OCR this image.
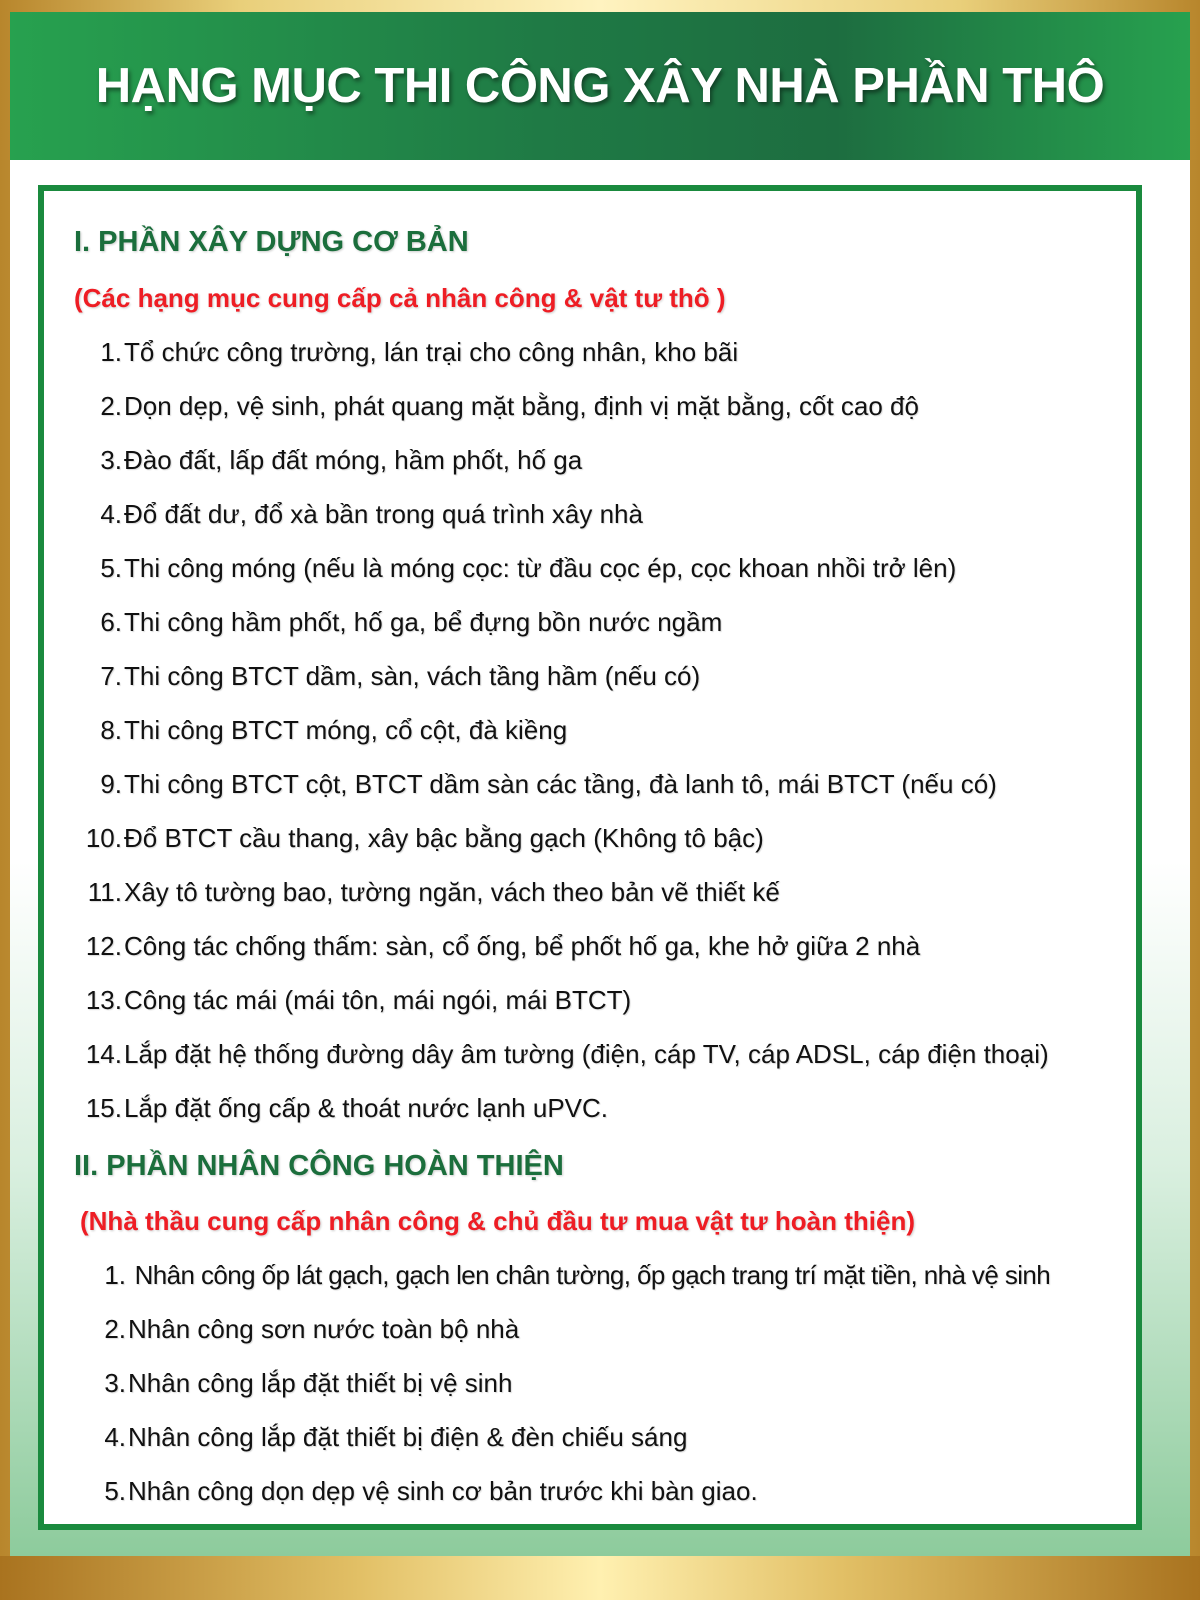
HẠNG MỤC THI CÔNG XÂY NHÀ PHẦN THÔ
I. PHẦN XÂY DỰNG CƠ BẢN
(Các hạng mục cung cấp cả nhân công & vật tư thô )
1. Tổ chức công trường, lán trại cho công nhân, kho bãi
2. Dọn dẹp, vệ sinh, phát quang mặt bằng, định vị mặt bằng, cốt cao độ
3. Đào đất, lấp đất móng, hầm phốt, hố ga
4. Đổ đất dư, đổ xà bần trong quá trình xây nhà
5. Thi công móng (nếu là móng cọc: từ đầu cọc ép, cọc khoan nhồi trở lên)
6. Thi công hầm phốt, hố ga, bể đựng bồn nước ngầm
7. Thi công BTCT dầm, sàn, vách tầng hầm (nếu có)
8. Thi công BTCT móng, cổ cột, đà kiềng
9. Thi công BTCT cột, BTCT dầm sàn các tầng, đà lanh tô, mái BTCT (nếu có)
10. Đổ BTCT cầu thang, xây bậc bằng gạch (Không tô bậc)
11. Xây tô tường bao, tường ngăn, vách theo bản vẽ thiết kế
12. Công tác chống thấm: sàn, cổ ống, bể phốt hố ga, khe hở giữa 2 nhà
13. Công tác mái (mái tôn, mái ngói, mái BTCT)
14. Lắp đặt hệ thống đường dây âm tường (điện, cáp TV, cáp ADSL, cáp điện thoại)
15. Lắp đặt ống cấp & thoát nước lạnh uPVC.
II. PHẦN NHÂN CÔNG HOÀN THIỆN
(Nhà thầu cung cấp nhân công & chủ đầu tư mua vật tư hoàn thiện)
1. Nhân công ốp lát gạch, gạch len chân tường, ốp gạch trang trí mặt tiền, nhà vệ sinh
2. Nhân công sơn nước toàn bộ nhà
3. Nhân công lắp đặt thiết bị vệ sinh
4. Nhân công lắp đặt thiết bị điện & đèn chiếu sáng
5. Nhân công dọn dẹp vệ sinh cơ bản trước khi bàn giao.
